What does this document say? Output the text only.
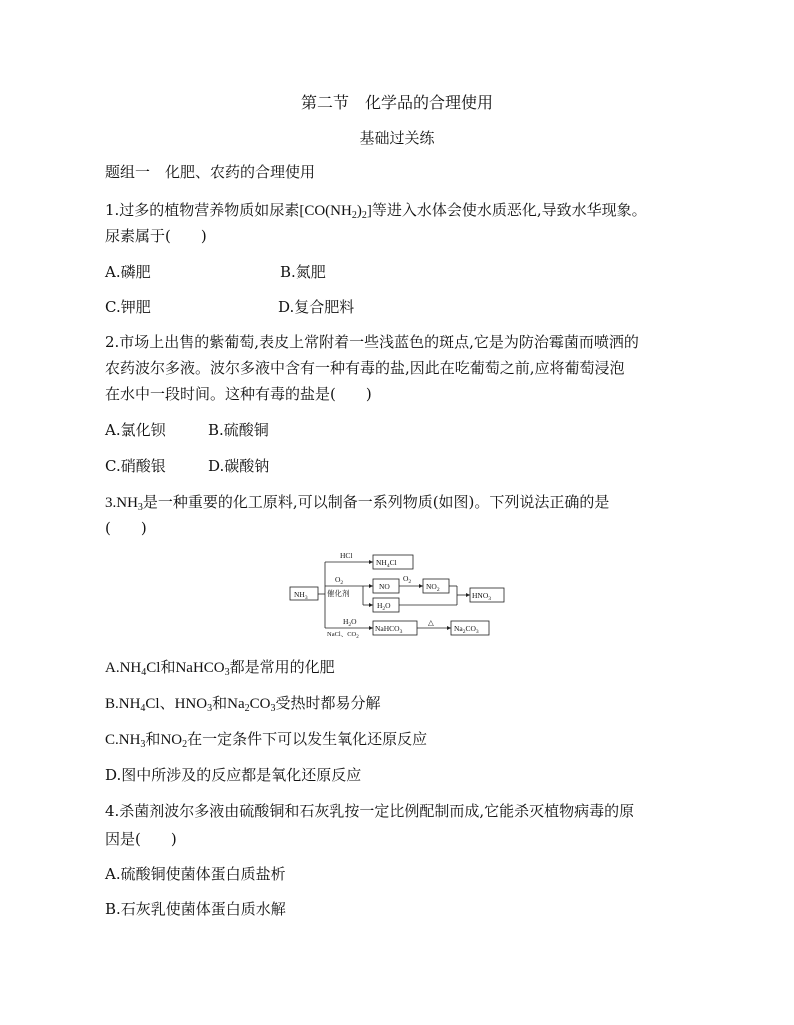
第二节　化学品的合理使用
基础过关练
题组一　化肥、农药的合理使用
1.过多的植物营养物质如尿素$[CO(NH_2)_2]$等进入水体会使水质恶化,导致水华现象。
尿素属于(　　)
A.磷肥	B.氮肥
C.钾肥	D.复合肥料
2.市场上出售的紫葡萄,表皮上常附着一些浅蓝色的斑点,它是为防治霉菌而喷洒的
农药波尔多液。波尔多液中含有一种有毒的盐,因此在吃葡萄之前,应将葡萄浸泡
在水中一段时间。这种有毒的盐是(　　)
A.氯化钡	B.硫酸铜
C.硝酸银	D.碳酸钠
$3.NH_3$是一种重要的化工原料,可以制备一系列物质(如图)。下列说法正确的是
(　　)
$NH_3$
HCl
$NH_4Cl$
$O_2$
催化剂
NO
$O_2$ $NO_2$
$HNO_3$
$H_2O$
$H_2O$
NaCl、$CO_2$
NaHCO$_3$
△
$Na_2CO_3$
$A.NH_4Cl$和NaHCO$_3$都是常用的化肥
$B.NH_4Cl$、$HNO_3$和$Na_2CO_3$受热时都易分解
$C.NH_3$和$NO_2$在一定条件下可以发生氧化还原反应
D.图中所涉及的反应都是氧化还原反应
4.杀菌剂波尔多液由硫酸铜和石灰乳按一定比例配制而成,它能杀灭植物病毒的原
因是(　　)
A.硫酸铜使菌体蛋白质盐析
B.石灰乳使菌体蛋白质水解
